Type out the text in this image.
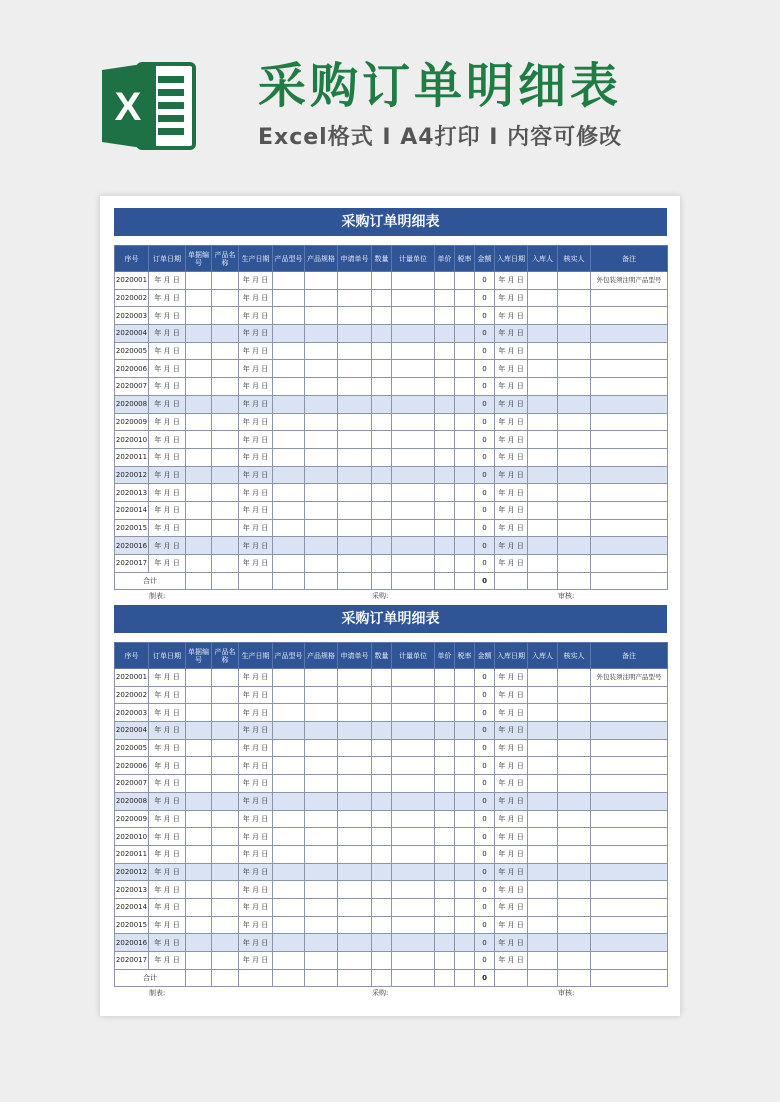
X 采购订单明细表
Excel格式 I A4打印 I 内容可修改
采购订单明细表
序号	订单日期	单据编号	产品名称	生产日期	产品型号	产品规格	申请单号	数量	计量单位	单价	税率	金额	入库日期	入库人	核实人	备注
2020001	年 月 日			年 月 日								0	年 月 日			外包装须注明产品型号
2020002	年 月 日			年 月 日								0	年 月 日			
2020003	年 月 日			年 月 日								0	年 月 日			
2020004	年 月 日			年 月 日								0	年 月 日			
2020005	年 月 日			年 月 日								0	年 月 日			
2020006	年 月 日			年 月 日								0	年 月 日			
2020007	年 月 日			年 月 日								0	年 月 日			
2020008	年 月 日			年 月 日								0	年 月 日			
2020009	年 月 日			年 月 日								0	年 月 日			
2020010	年 月 日			年 月 日								0	年 月 日			
2020011	年 月 日			年 月 日								0	年 月 日			
2020012	年 月 日			年 月 日								0	年 月 日			
2020013	年 月 日			年 月 日								0	年 月 日			
2020014	年 月 日			年 月 日								0	年 月 日			
2020015	年 月 日			年 月 日								0	年 月 日			
2020016	年 月 日			年 月 日								0	年 月 日			
2020017	年 月 日			年 月 日								0	年 月 日			
合计												0				
制表:	采购:	审核:
采购订单明细表
序号	订单日期	单据编号	产品名称	生产日期	产品型号	产品规格	申请单号	数量	计量单位	单价	税率	金额	入库日期	入库人	核实人	备注
2020001	年 月 日			年 月 日								0	年 月 日			外包装须注明产品型号
2020002	年 月 日			年 月 日								0	年 月 日			
2020003	年 月 日			年 月 日								0	年 月 日			
2020004	年 月 日			年 月 日								0	年 月 日			
2020005	年 月 日			年 月 日								0	年 月 日			
2020006	年 月 日			年 月 日								0	年 月 日			
2020007	年 月 日			年 月 日								0	年 月 日			
2020008	年 月 日			年 月 日								0	年 月 日			
2020009	年 月 日			年 月 日								0	年 月 日			
2020010	年 月 日			年 月 日								0	年 月 日			
2020011	年 月 日			年 月 日								0	年 月 日			
2020012	年 月 日			年 月 日								0	年 月 日			
2020013	年 月 日			年 月 日								0	年 月 日			
2020014	年 月 日			年 月 日								0	年 月 日			
2020015	年 月 日			年 月 日								0	年 月 日			
2020016	年 月 日			年 月 日								0	年 月 日			
2020017	年 月 日			年 月 日								0	年 月 日			
合计												0				
制表:	采购:	审核:
